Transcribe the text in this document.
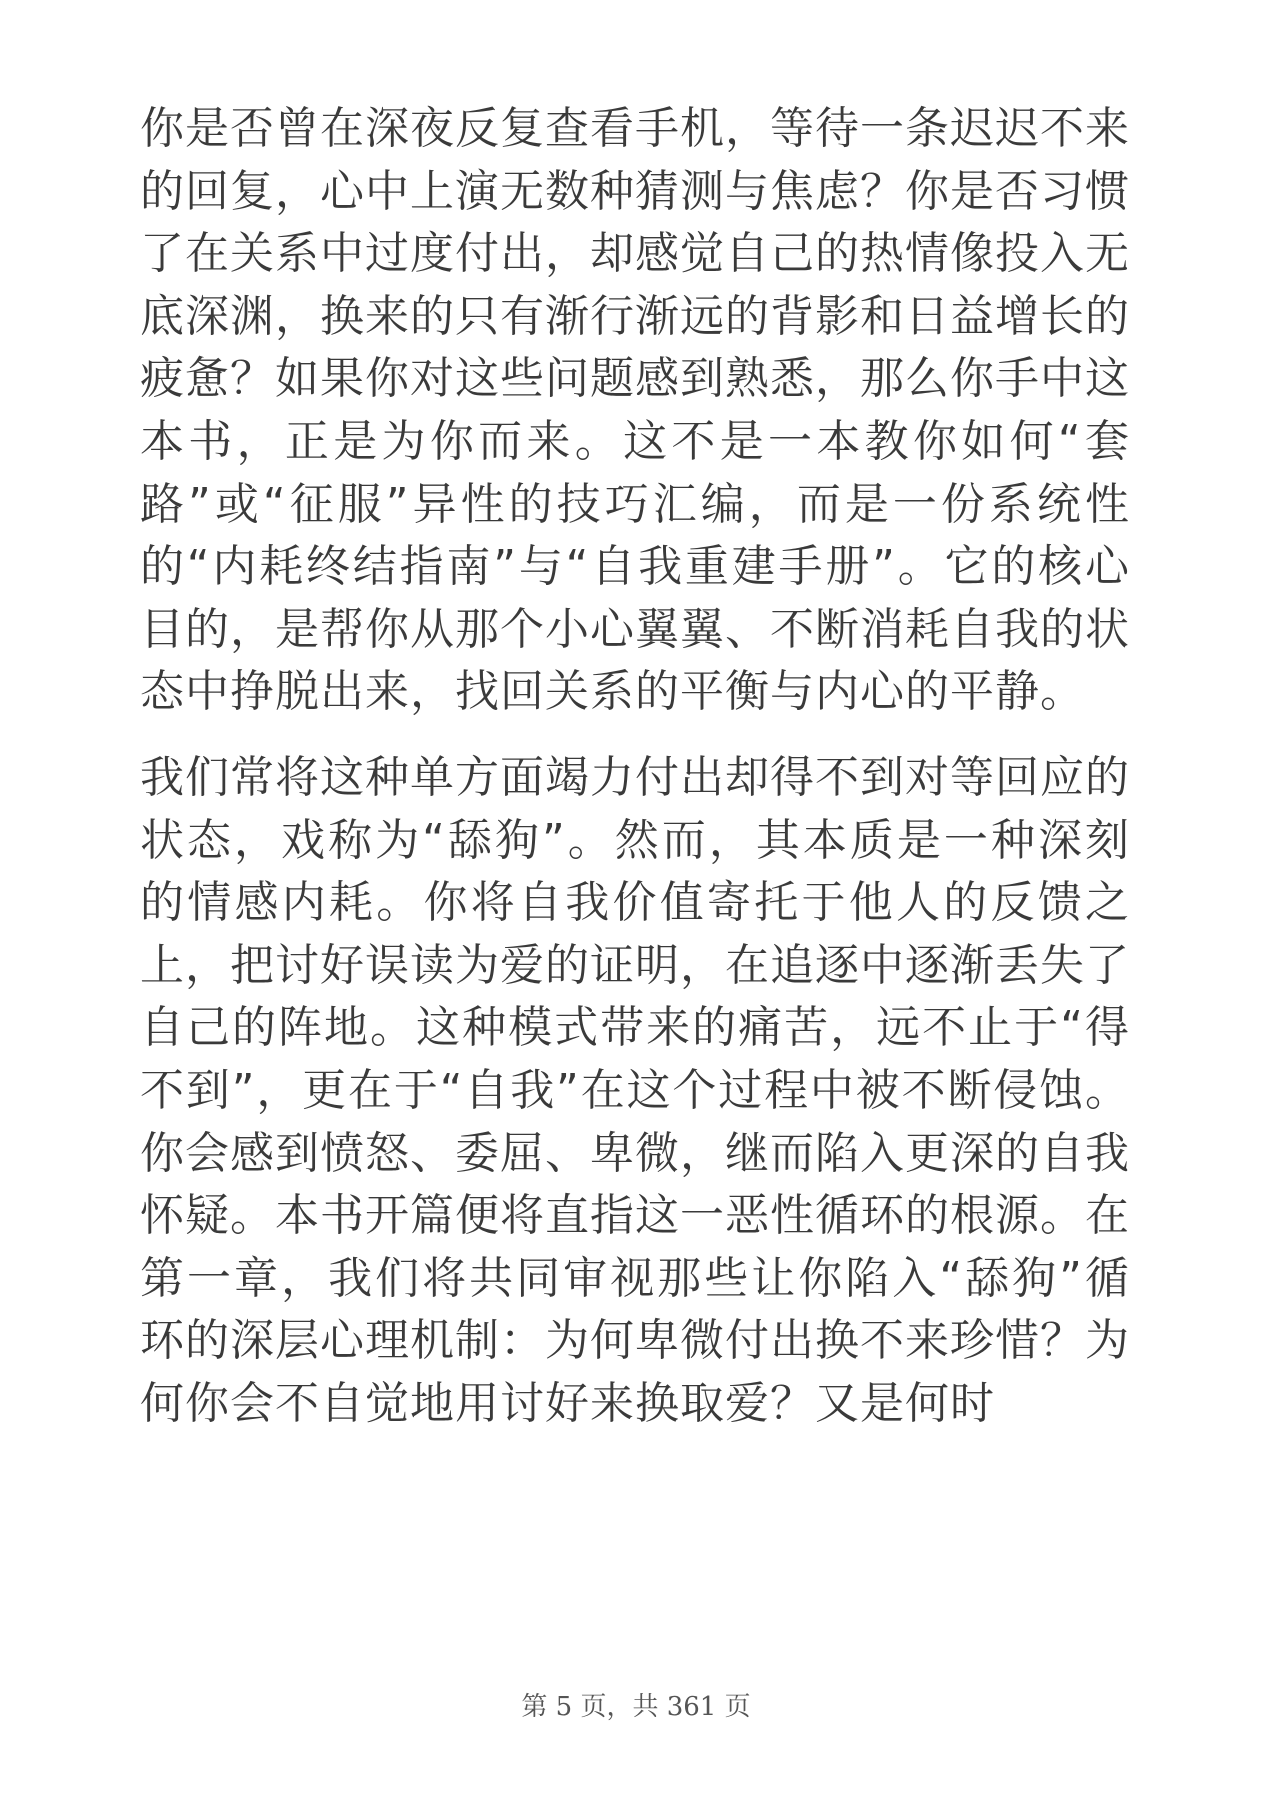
你是否曾在深夜反复查看手机，等待一条迟迟不来的回复，心中上演无数种猜测与焦虑？你是否习惯了在关系中过度付出，却感觉自己的热情像投入无底深渊，换来的只有渐行渐远的背影和日益增长的疲惫？如果你对这些问题感到熟悉，那么你手中这本书，正是为你而来。这不是一本教你如何“套路”或“征服”异性的技巧汇编，而是一份系统性的“内耗终结指南”与“自我重建手册”。它的核心目的，是帮你从那个小心翼翼、不断消耗自我的状态中挣脱出来，找回关系的平衡与内心的平静。

我们常将这种单方面竭力付出却得不到对等回应的状态，戏称为“舔狗”。然而，其本质是一种深刻的情感内耗。你将自我价值寄托于他人的反馈之上，把讨好误读为爱的证明，在追逐中逐渐丢失了自己的阵地。这种模式带来的痛苦，远不止于“得不到”，更在于“自我”在这个过程中被不断侵蚀。你会感到愤怒、委屈、卑微，继而陷入更深的自我怀疑。本书开篇便将直指这一恶性循环的根源。在第一章，我们将共同审视那些让你陷入“舔狗”循环的深层心理机制：为何卑微付出换不来珍惜？为何你会不自觉地用讨好来换取爱？又是何时

第 5 页，共 361 页
